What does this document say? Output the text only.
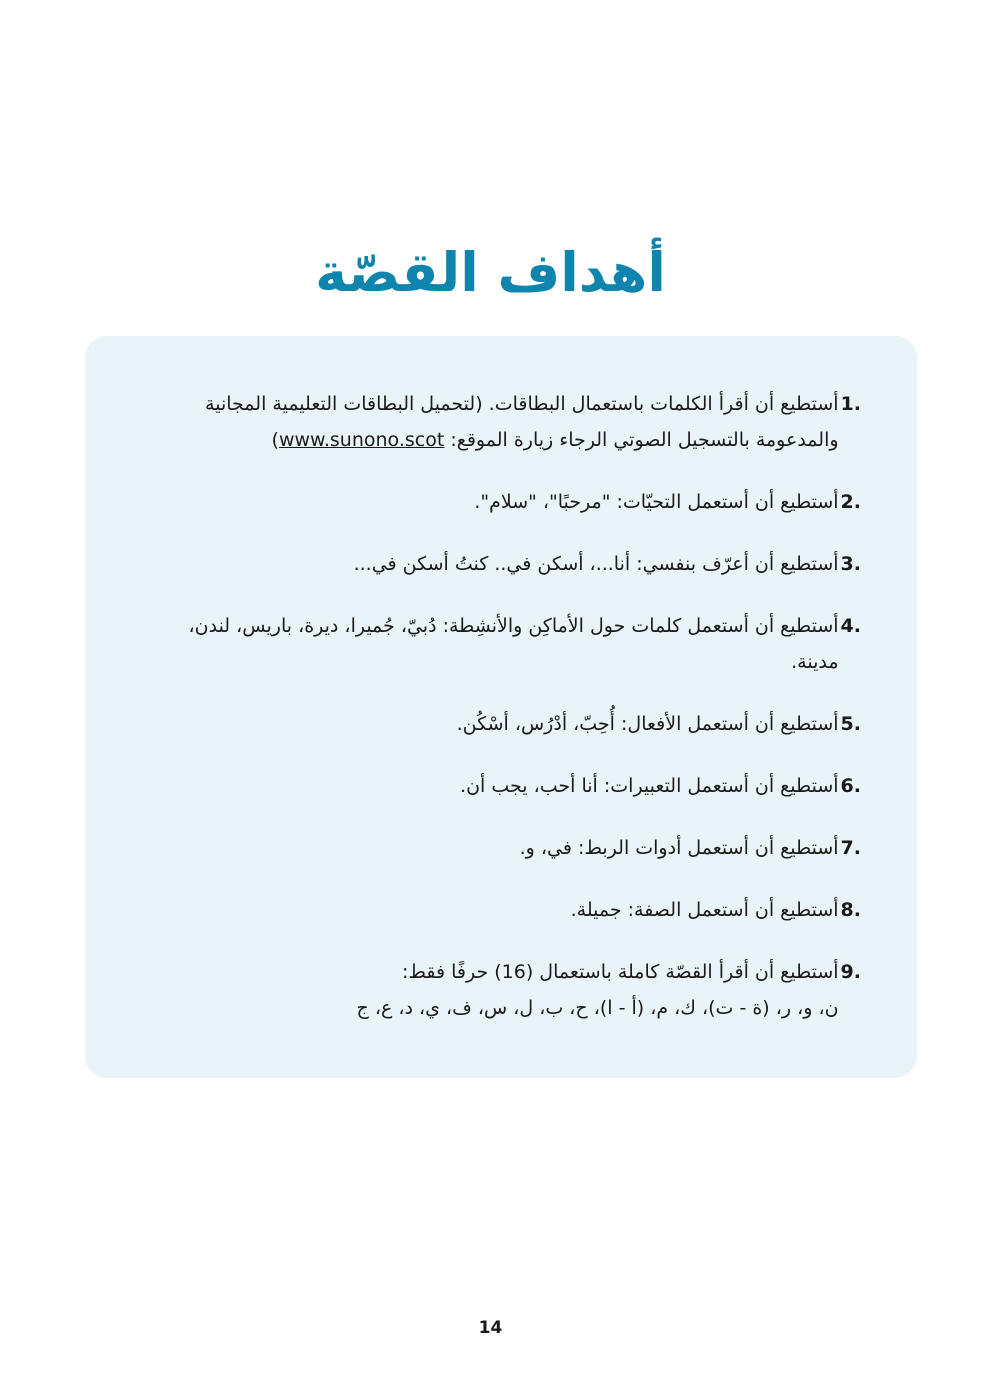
أهداف القصّة
1.
أستطيع أن أقرأ الكلمات باستعمال البطاقات. (لتحميل البطاقات التعليمية المجانية والمدعومة بالتسجيل الصوتي الرجاء زيارة الموقع: www.sunono.scot)
2.
أستطيع أن أستعمل التحيّات: "مرحبًا"، "سلام".
3.
أستطيع أن أعرّف بنفسي: أنا...، أسكن في.. كنتُ أسكن في...
4.
أستطيع أن أستعمل كلمات حول الأماكِن والأنشِطة: دُبيّ، جُميرا، ديرة، باريس، لندن، مدينة.
5.
أستطيع أن أستعمل الأفعال: أُحِبّ، أدْرُس، أسْكُن.
6.
أستطيع أن أستعمل التعبيرات: أنا أحب، يجب أن.
7.
أستطيع أن أستعمل أدوات الربط: في، و.
8.
أستطيع أن أستعمل الصفة: جميلة.
9.
أستطيع أن أقرأ القصّة كاملة باستعمال (16) حرفًا فقط:
ن، و، ر، (ة - ت)، ك، م، (أ - ا)، ح، ب، ل، س، ف، ي، د، ع، ج
14
